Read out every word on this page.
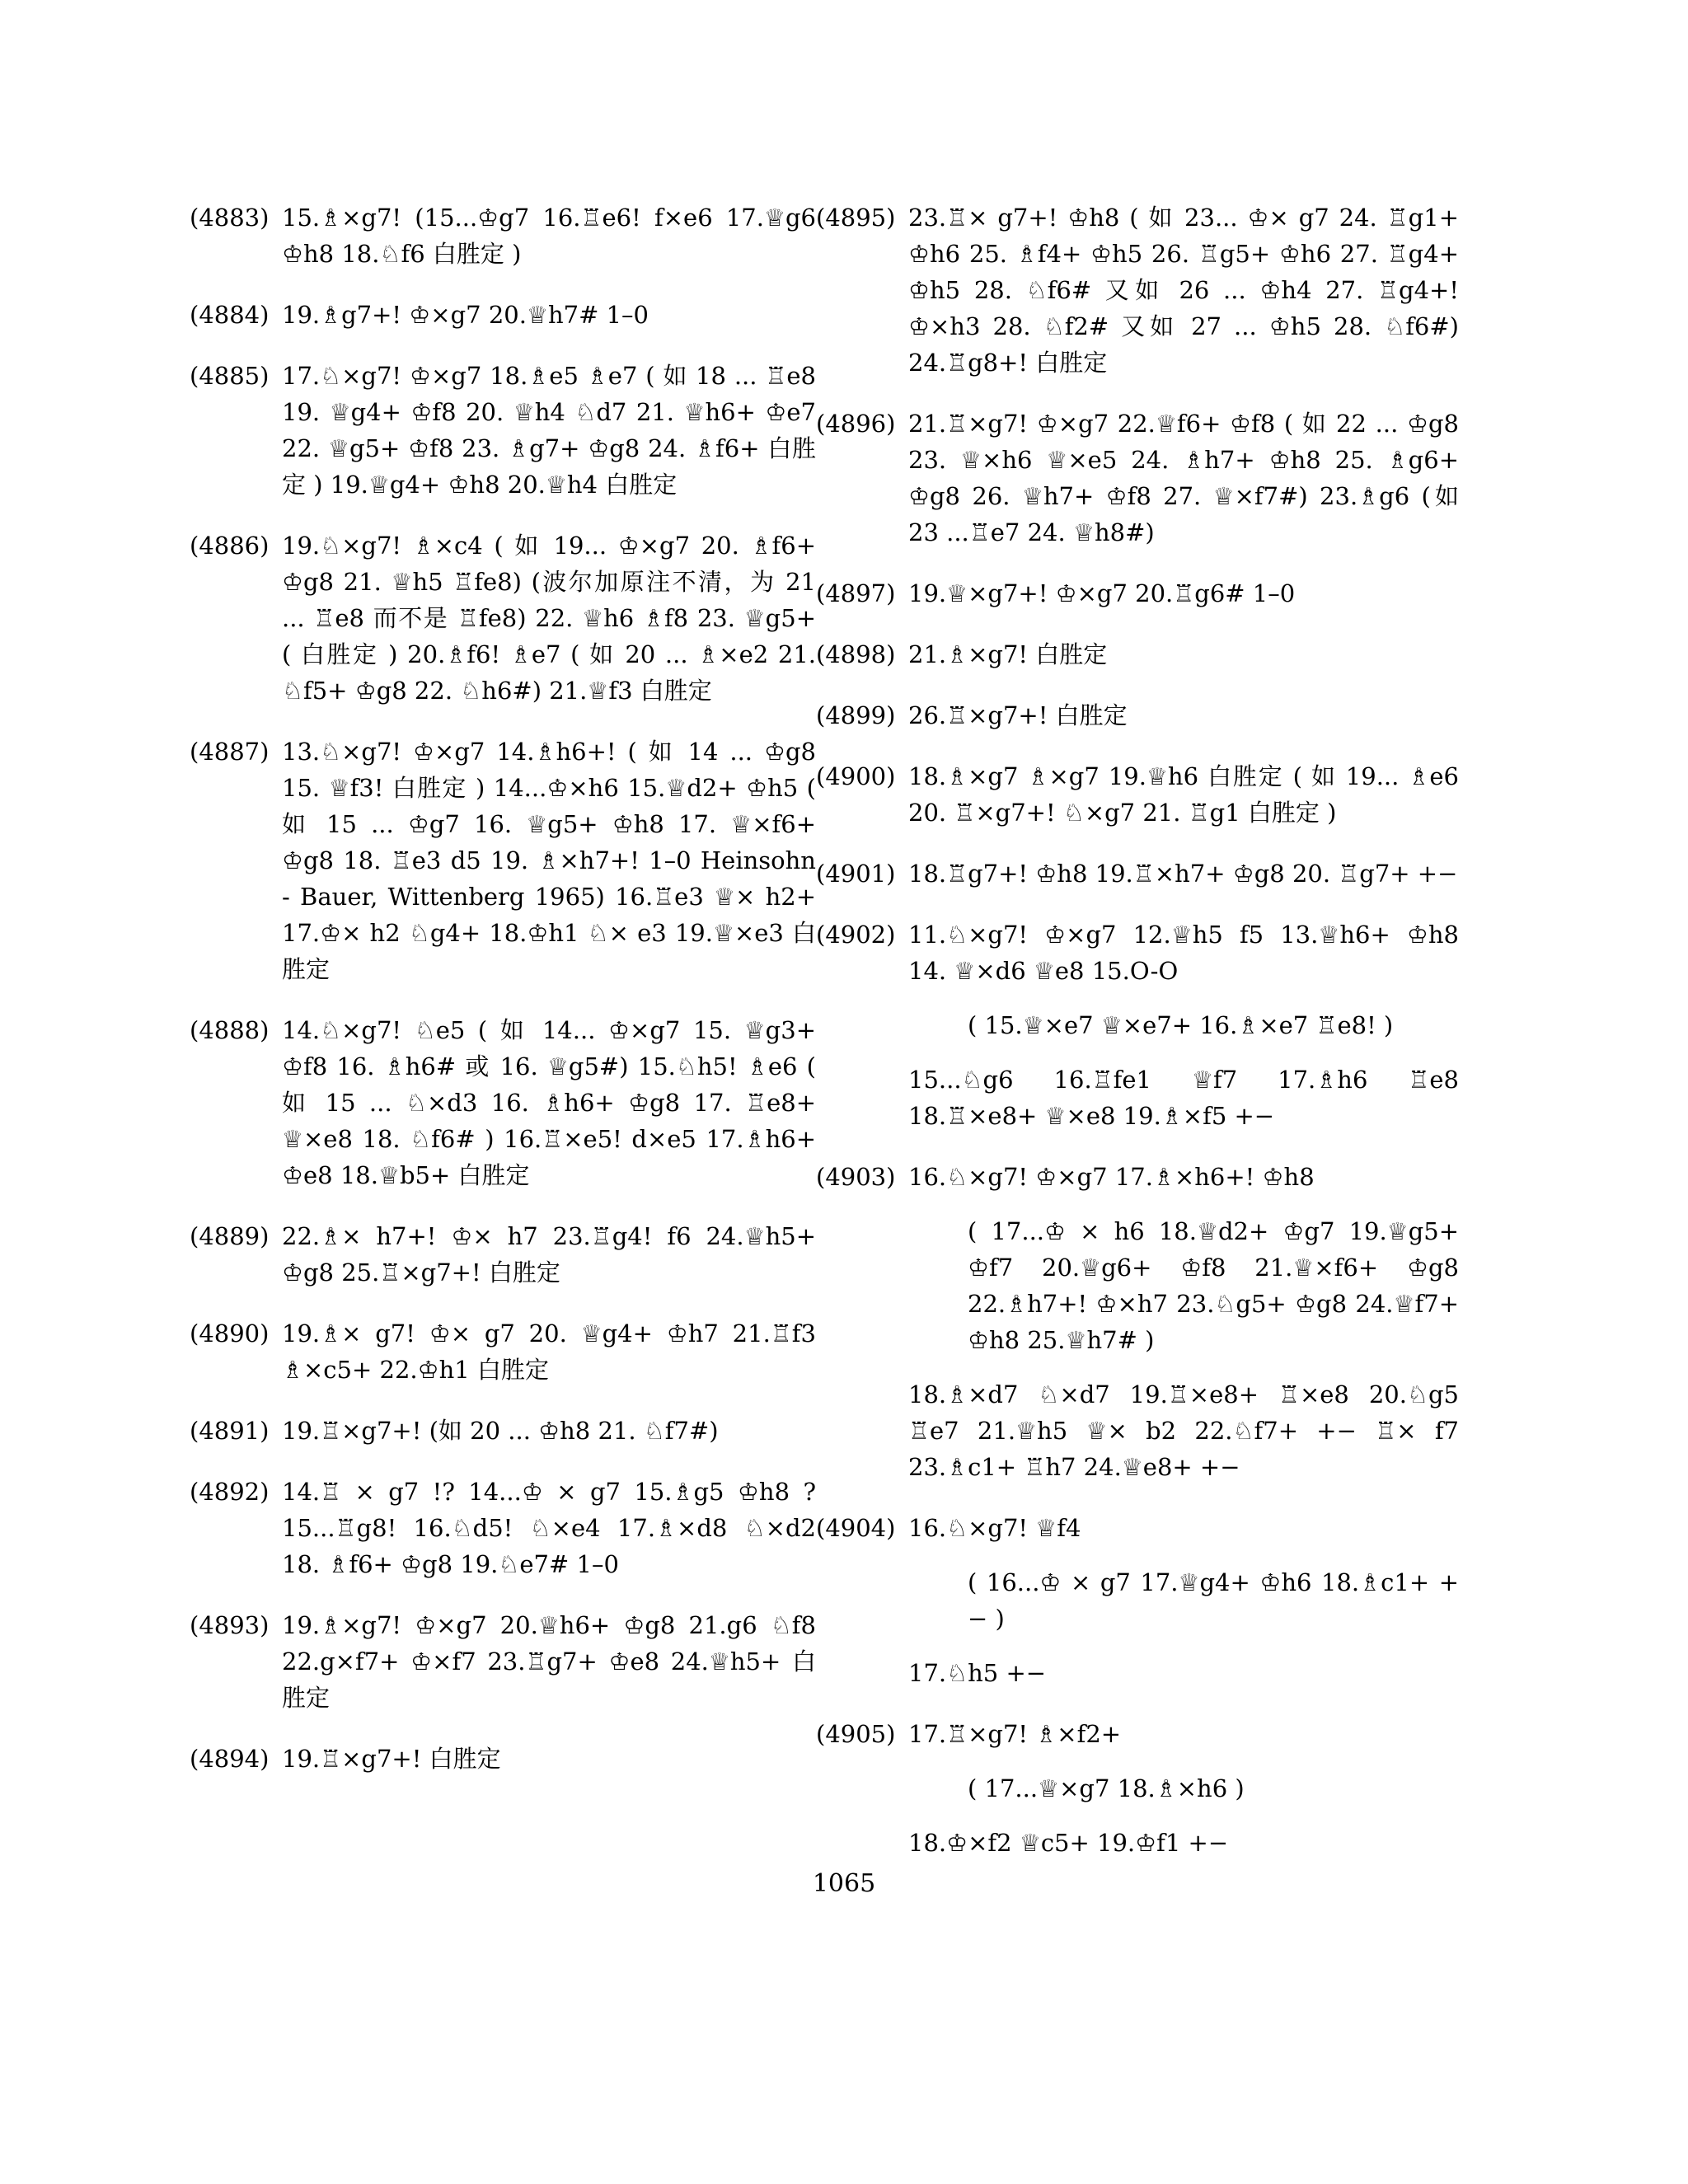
(4883) 15.♗×g7! (15...♔g7 16.♖e6! f×e6 17.♕g6 ♔h8 18.♘f6 白胜定 )
(4884) 19.♗g7+! ♔×g7 20.♕h7# 1–0
(4885) 17.♘×g7! ♔×g7 18.♗e5 ♗e7 ( 如 18 ... ♖e8 19. ♕g4+ ♔f8 20. ♕h4 ♘d7 21. ♕h6+ ♔e7 22. ♕g5+ ♔f8 23. ♗g7+ ♔g8 24. ♗f6+ 白胜定 ) 19.♕g4+ ♔h8 20.♕h4 白胜定
(4886) 19.♘×g7! ♗×c4 ( 如 19... ♔×g7 20. ♗f6+ ♔g8 21. ♕h5 ♖fe8) (波尔加原注不清，为 21 ... ♖e8 而不是 ♖fe8) 22. ♕h6 ♗f8 23. ♕g5+ ( 白胜定 ) 20.♗f6! ♗e7 ( 如 20 ... ♗×e2 21. ♘f5+ ♔g8 22. ♘h6#) 21.♕f3 白胜定
(4887) 13.♘×g7! ♔×g7 14.♗h6+! ( 如 14 ... ♔g8 15. ♕f3! 白胜定 ) 14...♔×h6 15.♕d2+ ♔h5 ( 如 15 ... ♔g7 16. ♕g5+ ♔h8 17. ♕×f6+ ♔g8 18. ♖e3 d5 19. ♗×h7+! 1–0 Heinsohn - Bauer, Wittenberg 1965) 16.♖e3 ♕× h2+ 17.♔× h2 ♘g4+ 18.♔h1 ♘× e3 19.♕×e3 白胜定
(4888) 14.♘×g7! ♘e5 ( 如 14... ♔×g7 15. ♕g3+ ♔f8 16. ♗h6# 或 16. ♕g5#) 15.♘h5! ♗e6 ( 如 15 ... ♘×d3 16. ♗h6+ ♔g8 17. ♖e8+ ♕×e8 18. ♘f6# ) 16.♖×e5! d×e5 17.♗h6+ ♔e8 18.♕b5+ 白胜定
(4889) 22.♗× h7+! ♔× h7 23.♖g4! f6 24.♕h5+ ♔g8 25.♖×g7+! 白胜定
(4890) 19.♗× g7! ♔× g7 20. ♕g4+ ♔h7 21.♖f3 ♗×c5+ 22.♔h1 白胜定
(4891) 19.♖×g7+! (如 20 ... ♔h8 21. ♘f7#)
(4892) 14.♖ × g7 !? 14...♔ × g7 15.♗g5 ♔h8 ?15...♖g8! 16.♘d5! ♘×e4 17.♗×d8 ♘×d2 18. ♗f6+ ♔g8 19.♘e7# 1–0
(4893) 19.♗×g7! ♔×g7 20.♕h6+ ♔g8 21.g6 ♘f8 22.g×f7+ ♔×f7 23.♖g7+ ♔e8 24.♕h5+ 白胜定
(4894) 19.♖×g7+! 白胜定
(4895) 23.♖× g7+! ♔h8 ( 如 23... ♔× g7 24. ♖g1+ ♔h6 25. ♗f4+ ♔h5 26. ♖g5+ ♔h6 27. ♖g4+ ♔h5 28. ♘f6# 又如 26 ... ♔h4 27. ♖g4+! ♔×h3 28. ♘f2# 又如 27 ... ♔h5 28. ♘f6#) 24.♖g8+! 白胜定
(4896) 21.♖×g7! ♔×g7 22.♕f6+ ♔f8 ( 如 22 ... ♔g8 23. ♕×h6 ♕×e5 24. ♗h7+ ♔h8 25. ♗g6+ ♔g8 26. ♕h7+ ♔f8 27. ♕×f7#) 23.♗g6 (如 23 ...♖e7 24. ♕h8#)
(4897) 19.♕×g7+! ♔×g7 20.♖g6# 1–0
(4898) 21.♗×g7! 白胜定
(4899) 26.♖×g7+! 白胜定
(4900) 18.♗×g7 ♗×g7 19.♕h6 白胜定 ( 如 19... ♗e6 20. ♖×g7+! ♘×g7 21. ♖g1 白胜定 )
(4901) 18.♖g7+! ♔h8 19.♖×h7+ ♔g8 20. ♖g7+ +−
(4902) 11.♘×g7! ♔×g7 12.♕h5 f5 13.♕h6+ ♔h8 14. ♕×d6 ♕e8 15.O-O
( 15.♕×e7 ♕×e7+ 16.♗×e7 ♖e8! )
15...♘g6 16.♖fe1 ♕f7 17.♗h6 ♖e8 18.♖×e8+ ♕×e8 19.♗×f5 +−
(4903) 16.♘×g7! ♔×g7 17.♗×h6+! ♔h8
( 17...♔ × h6 18.♕d2+ ♔g7 19.♕g5+ ♔f7 20.♕g6+ ♔f8 21.♕×f6+ ♔g8 22.♗h7+! ♔×h7 23.♘g5+ ♔g8 24.♕f7+ ♔h8 25.♕h7# )
18.♗×d7 ♘×d7 19.♖×e8+ ♖×e8 20.♘g5 ♖e7 21.♕h5 ♕× b2 22.♘f7+ +− ♖× f7 23.♗c1+ ♖h7 24.♕e8+ +−
(4904) 16.♘×g7! ♕f4
( 16...♔ × g7 17.♕g4+ ♔h6 18.♗c1+ +− )
17.♘h5 +−
(4905) 17.♖×g7! ♗×f2+
( 17...♕×g7 18.♗×h6 )
18.♔×f2 ♕c5+ 19.♔f1 +−
1065
